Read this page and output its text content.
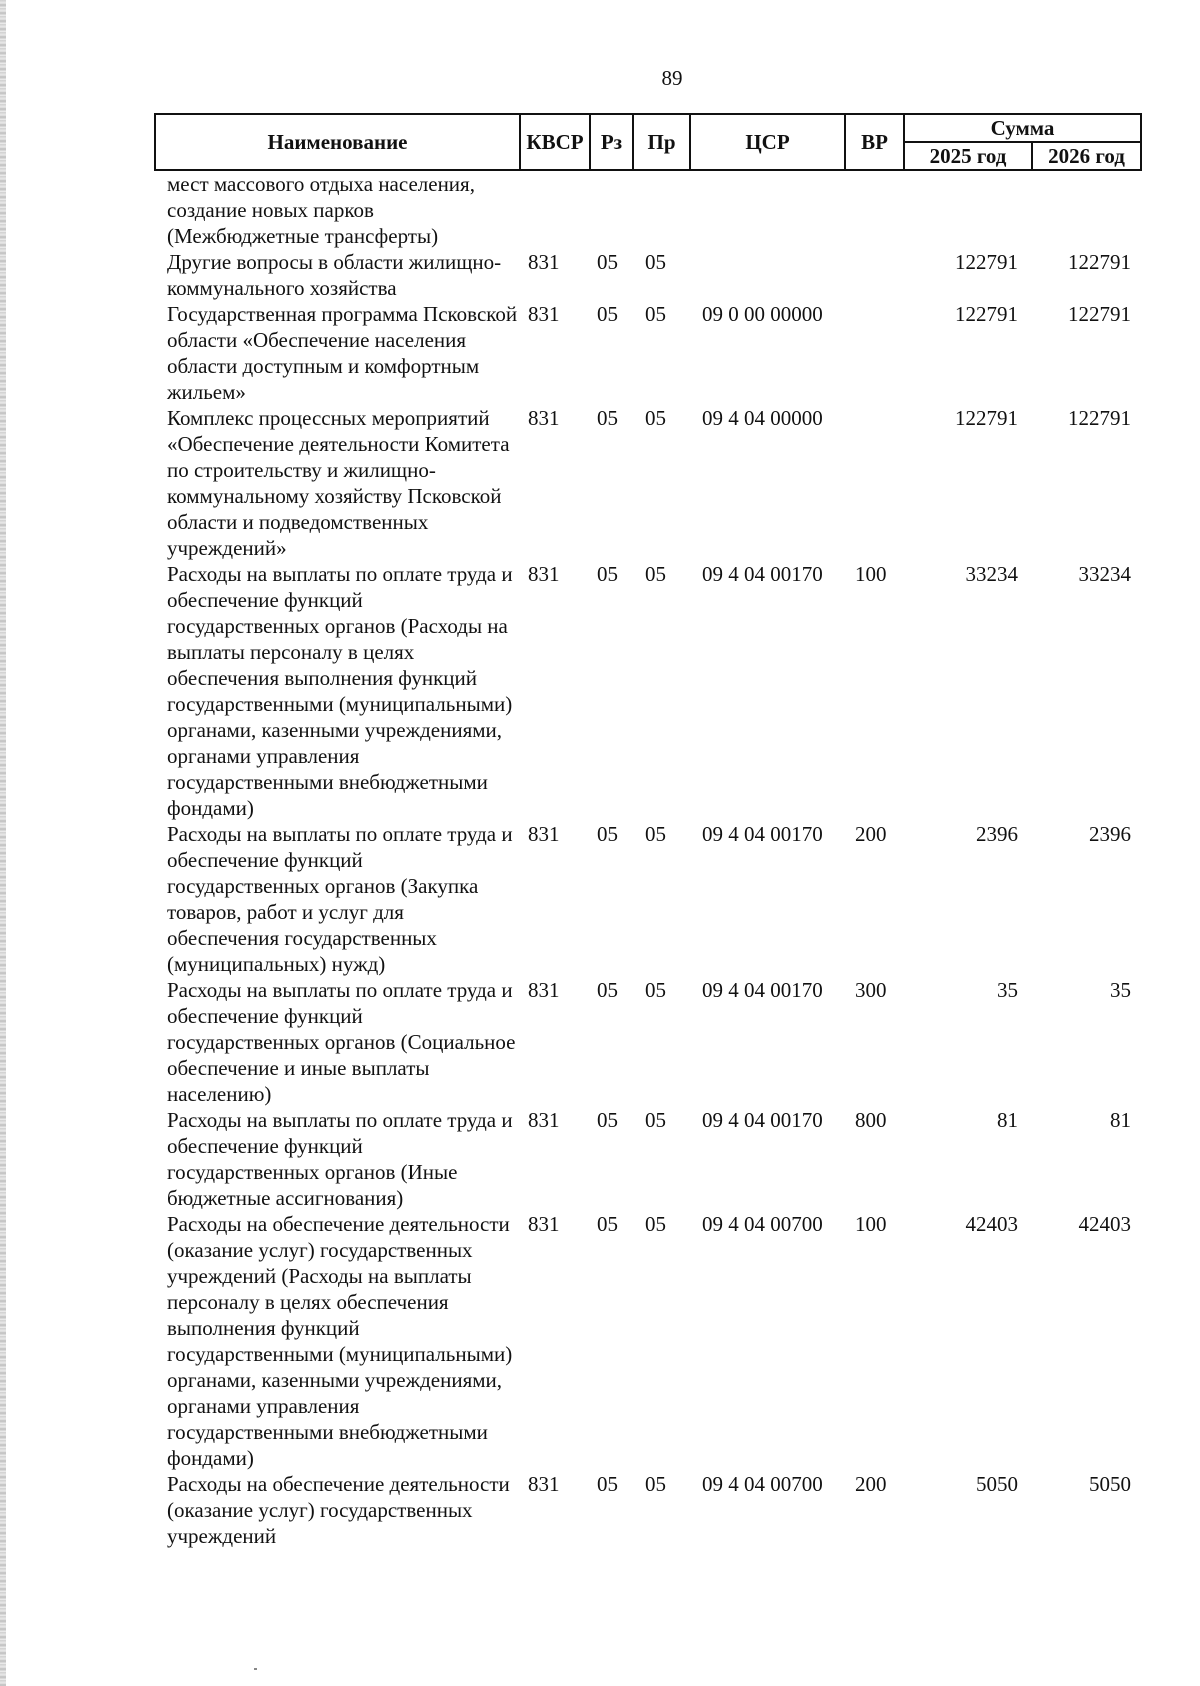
89
Наименование	КВСР	Рз	Пр	ЦСР	ВР	Сумма	
						2025 год	2026 год
мест массового отдыха населения, создание новых парков (Межбюджетные трансферты)							
Другие вопросы в области жилищно-коммунального хозяйства	831	05	05			122791	122791
Государственная программа Псковской области «Обеспечение населения области доступным и комфортным жильем»	831	05	05	09 0 00 00000		122791	122791
Комплекс процессных мероприятий «Обеспечение деятельности Комитета по строительству и жилищно-коммунальному хозяйству Псковской области и подведомственных учреждений»	831	05	05	09 4 04 00000		122791	122791
Расходы на выплаты по оплате труда и обеспечение функций государственных органов (Расходы на выплаты персоналу в целях обеспечения выполнения функций государственными (муниципальными) органами, казенными учреждениями, органами управления государственными внебюджетными фондами)	831	05	05	09 4 04 00170	100	33234	33234
Расходы на выплаты по оплате труда и обеспечение функций государственных органов (Закупка товаров, работ и услуг для обеспечения государственных (муниципальных) нужд)	831	05	05	09 4 04 00170	200	2396	2396
Расходы на выплаты по оплате труда и обеспечение функций государственных органов (Социальное обеспечение и иные выплаты населению)	831	05	05	09 4 04 00170	300	35	35
Расходы на выплаты по оплате труда и обеспечение функций государственных органов (Иные бюджетные ассигнования)	831	05	05	09 4 04 00170	800	81	81
Расходы на обеспечение деятельности (оказание услуг) государственных учреждений (Расходы на выплаты персоналу в целях обеспечения выполнения функций государственными (муниципальными) органами, казенными учреждениями, органами управления государственными внебюджетными фондами)	831	05	05	09 4 04 00700	100	42403	42403
Расходы на обеспечение деятельности (оказание услуг) государственных учреждений	831	05	05	09 4 04 00700	200	5050	5050
